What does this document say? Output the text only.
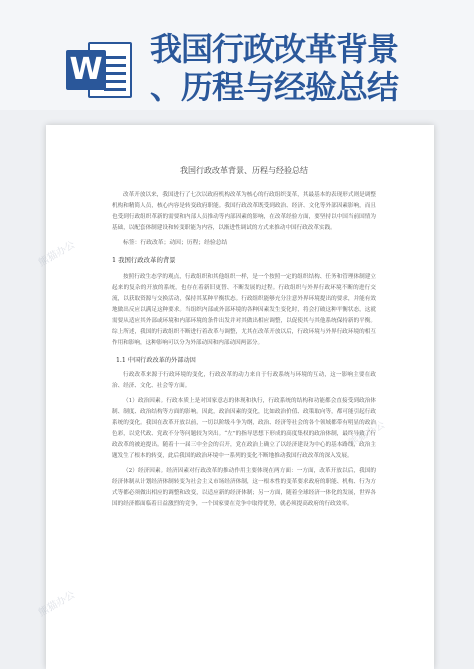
W
我国行政改革背景
、历程与经验总结
熊猫办公
熊猫办公
熊猫办公
我国行政改革背景、历程与经验总结

改革开放以来，我国进行了七次以政府机构改革为核心的行政组织变革，其最基本的表现形式则是调整机构和精简人员，核心内容是转变政府职能。我国行政改革既受到政治、经济、文化等外部因素影响，而且也受到行政组织革新的需要和内部人员推动等内部因素的影响，在改革经验方面，要坚持以中国当前国情为基础，以配套体制建设和转变职能为内容，以渐进性调试的方式来推动中国行政改革实践。

标签：行政改革；动因；历程；经验总结

1 我国行政改革的背景

按照行政生态学的观点，行政组织和其他组织一样，是一个按照一定的组织结构、任务和管理体制建立起来的复杂的开放的系统，也存在着新旧更替、不断发展的过程。行政组织与外界行政环境不断的进行交流，以获取资源与交换活动，保持其某种平衡状态。行政组织能够充分注意外界环境提出的要求，并能有效地做出反应以满足这种要求。当组织内部或外部环境的各种因素发生变化时，将会打破这种平衡状态，这就需要从适应其外部或环境和内部环境的条件出发并对其做出相应调整，以促使其与其他系统保持新的平衡。综上所述，我国的行政组织不断进行着改革与调整，尤其在改革开放以后，行政环境与外界行政环境的相互作用和影响，这种影响可以分为外部动因和内部动因两部分。

1.1 中国行政改革的外部动因

行政改革来源于行政环境的变化，行政改革的动力来自于行政系统与环境的互动，这一影响主要在政治、经济、文化、社会等方面。

（1）政治因素。行政本质上是对国家意志的体现和执行，行政系统的结构和功能都会直接受到政治体制、制度、政治结构等方面的影响。因此，政治因素的变化，比如政治价值、政策取向等，都可能引起行政系统的变化。我国在改革开放以前，一切以阶级斗争为纲，政治、经济等社会的各个领域都带有明显的政治色彩，以党代政、党政不分等问题较为突出。“左”的指导思想下形成的高度集权的政治体制，最终导致了行政改革的被迫提出。随着十一届三中全会的召开，党在政治上确立了以经济建设为中心的基本路线，政治主题发生了根本的转变，此后我国的政治环境中一系列的变化不断地推动我国行政改革的深入发展。

（2）经济因素。经济因素对行政改革的推动作用主要体现在两方面：一方面，改革开放以后，我国的经济体制从计划经济体制转变为社会主义市场经济体制，这一根本性的变革要求政府的职能、机构、行为方式等都必须做出相应的调整和改变，以适应新的经济体制；另一方面，随着全球经济一体化的发展，世界各国的经济都面临着日益激烈的竞争，一个国家要在竞争中取得优势，就必须提高政府的行政效率。
